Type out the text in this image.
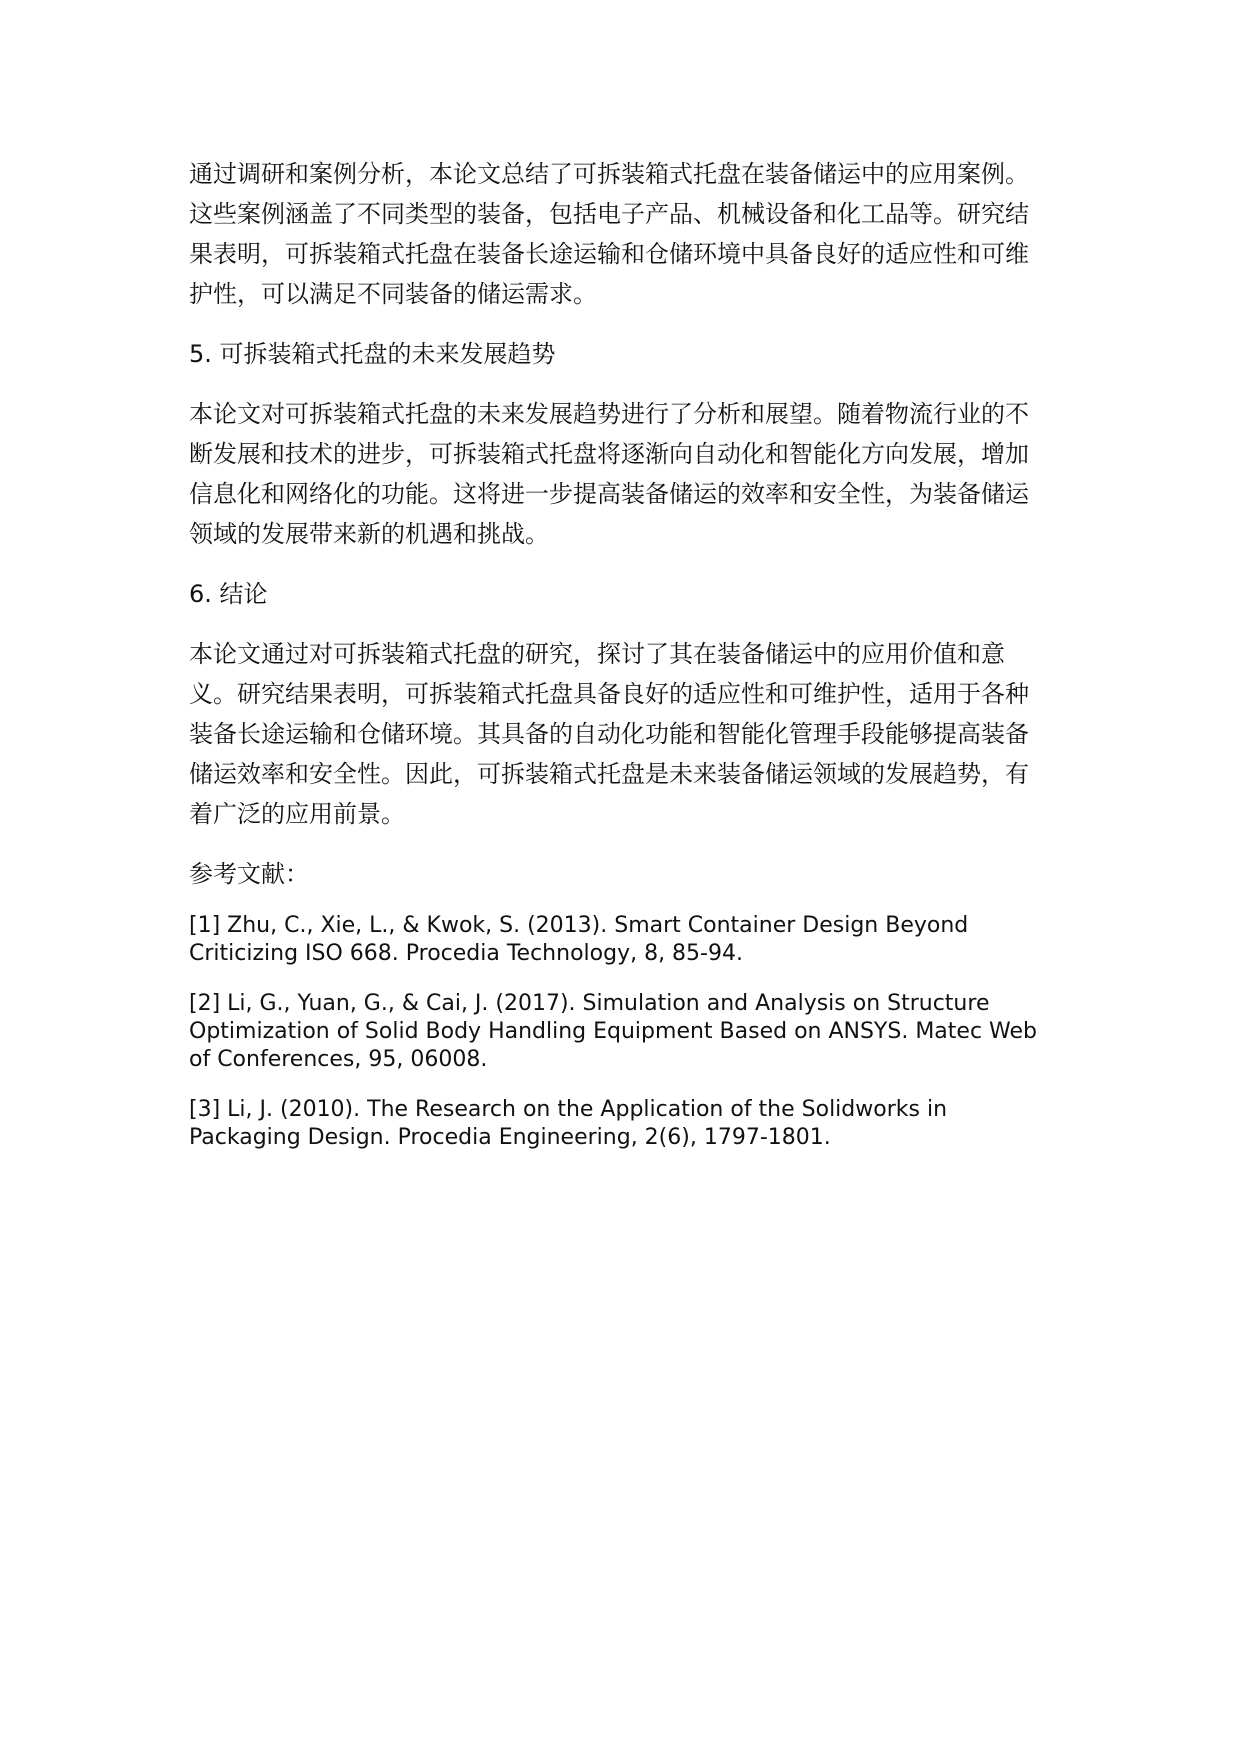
通过调研和案例分析，本论文总结了可拆装箱式托盘在装备储运中的应用案例。这些案例涵盖了不同类型的装备，包括电子产品、机械设备和化工品等。研究结果表明，可拆装箱式托盘在装备长途运输和仓储环境中具备良好的适应性和可维护性，可以满足不同装备的储运需求。

5. 可拆装箱式托盘的未来发展趋势

本论文对可拆装箱式托盘的未来发展趋势进行了分析和展望。随着物流行业的不断发展和技术的进步，可拆装箱式托盘将逐渐向自动化和智能化方向发展，增加信息化和网络化的功能。这将进一步提高装备储运的效率和安全性，为装备储运领域的发展带来新的机遇和挑战。

6. 结论

本论文通过对可拆装箱式托盘的研究，探讨了其在装备储运中的应用价值和意义。研究结果表明，可拆装箱式托盘具备良好的适应性和可维护性，适用于各种装备长途运输和仓储环境。其具备的自动化功能和智能化管理手段能够提高装备储运效率和安全性。因此，可拆装箱式托盘是未来装备储运领域的发展趋势，有着广泛的应用前景。

参考文献：

[1] Zhu, C., Xie, L., & Kwok, S. (2013). Smart Container Design Beyond Criticizing ISO 668. Procedia Technology, 8, 85-94.

[2] Li, G., Yuan, G., & Cai, J. (2017). Simulation and Analysis on Structure Optimization of Solid Body Handling Equipment Based on ANSYS. Matec Web of Conferences, 95, 06008.

[3] Li, J. (2010). The Research on the Application of the Solidworks in Packaging Design. Procedia Engineering, 2(6), 1797-1801.
